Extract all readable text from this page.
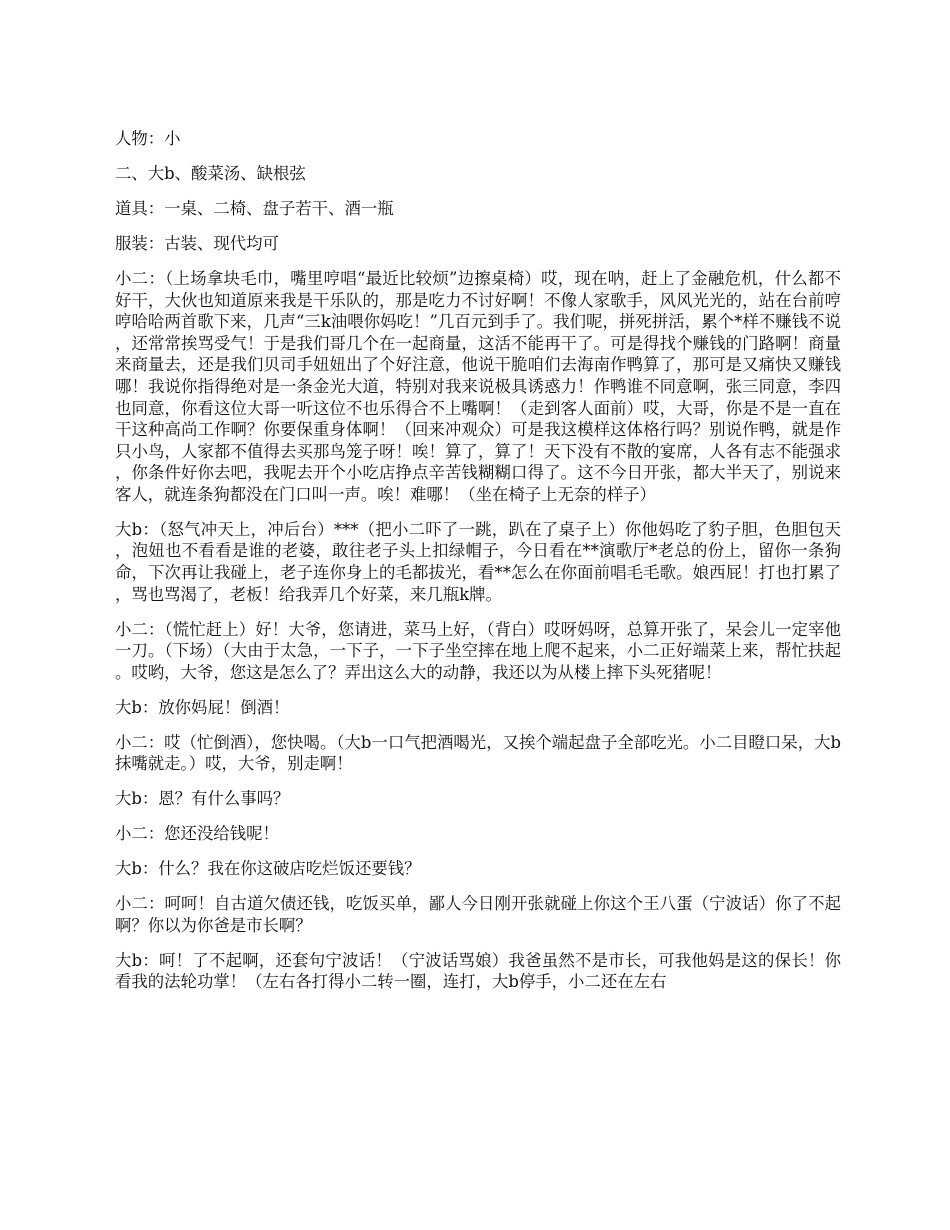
人物：小

二、大b、酸菜汤、缺根弦

道具：一桌、二椅、盘子若干、酒一瓶

服装：古装、现代均可

小二：（上场拿块毛巾，嘴里哼唱“最近比较烦”边擦桌椅）哎，现在呐，赶上了金融危机，什么都不好干，大伙也知道原来我是干乐队的，那是吃力不讨好啊！不像人家歌手，风风光光的，站在台前哼哼哈哈两首歌下来，几声“三k油喂你妈吃！”几百元到手了。我们呢，拼死拼活，累个*样不赚钱不说，还常常挨骂受气！于是我们哥几个在一起商量，这活不能再干了。可是得找个赚钱的门路啊！商量来商量去，还是我们贝司手妞妞出了个好注意，他说干脆咱们去海南作鸭算了，那可是又痛快又赚钱哪！我说你指得绝对是一条金光大道，特别对我来说极具诱惑力！作鸭谁不同意啊，张三同意，李四也同意，你看这位大哥一听这位不也乐得合不上嘴啊！（走到客人面前）哎，大哥，你是不是一直在干这种高尚工作啊？你要保重身体啊！（回来冲观众）可是我这模样这体格行吗？别说作鸭，就是作只小鸟，人家都不值得去买那鸟笼子呀！唉！算了，算了！天下没有不散的宴席，人各有志不能强求，你条件好你去吧，我呢去开个小吃店挣点辛苦钱糊糊口得了。这不今日开张，都大半天了，别说来客人，就连条狗都没在门口叫一声。唉！难哪！（坐在椅子上无奈的样子）

大b：（怒气冲天上，冲后台）***（把小二吓了一跳，趴在了桌子上）你他妈吃了豹子胆，色胆包天，泡妞也不看看是谁的老婆，敢往老子头上扣绿帽子，今日看在**演歌厅*老总的份上，留你一条狗命，下次再让我碰上，老子连你身上的毛都拔光，看**怎么在你面前唱毛毛歌。娘西屁！打也打累了，骂也骂渴了，老板！给我弄几个好菜，来几瓶k牌。

小二：（慌忙赶上）好！大爷，您请进，菜马上好，（背白）哎呀妈呀，总算开张了，呆会儿一定宰他一刀。（下场）（大由于太急，一下子，一下子坐空摔在地上爬不起来，小二正好端菜上来，帮忙扶起。哎哟，大爷，您这是怎么了？弄出这么大的动静，我还以为从楼上摔下头死猪呢！

大b：放你妈屁！倒酒！

小二：哎（忙倒酒），您快喝。（大b一口气把酒喝光，又挨个端起盘子全部吃光。小二目瞪口呆，大b抹嘴就走。）哎，大爷，别走啊！

大b：恩？有什么事吗？

小二：您还没给钱呢！

大b：什么？我在你这破店吃烂饭还要钱？

小二：呵呵！自古道欠债还钱，吃饭买单，鄙人今日刚开张就碰上你这个王八蛋（宁波话）你了不起啊？你以为你爸是市长啊？

大b：呵！了不起啊，还套句宁波话！（宁波话骂娘）我爸虽然不是市长，可我他妈是这的保长！你看我的法轮功掌！（左右各打得小二转一圈，连打，大b停手，小二还在左右
